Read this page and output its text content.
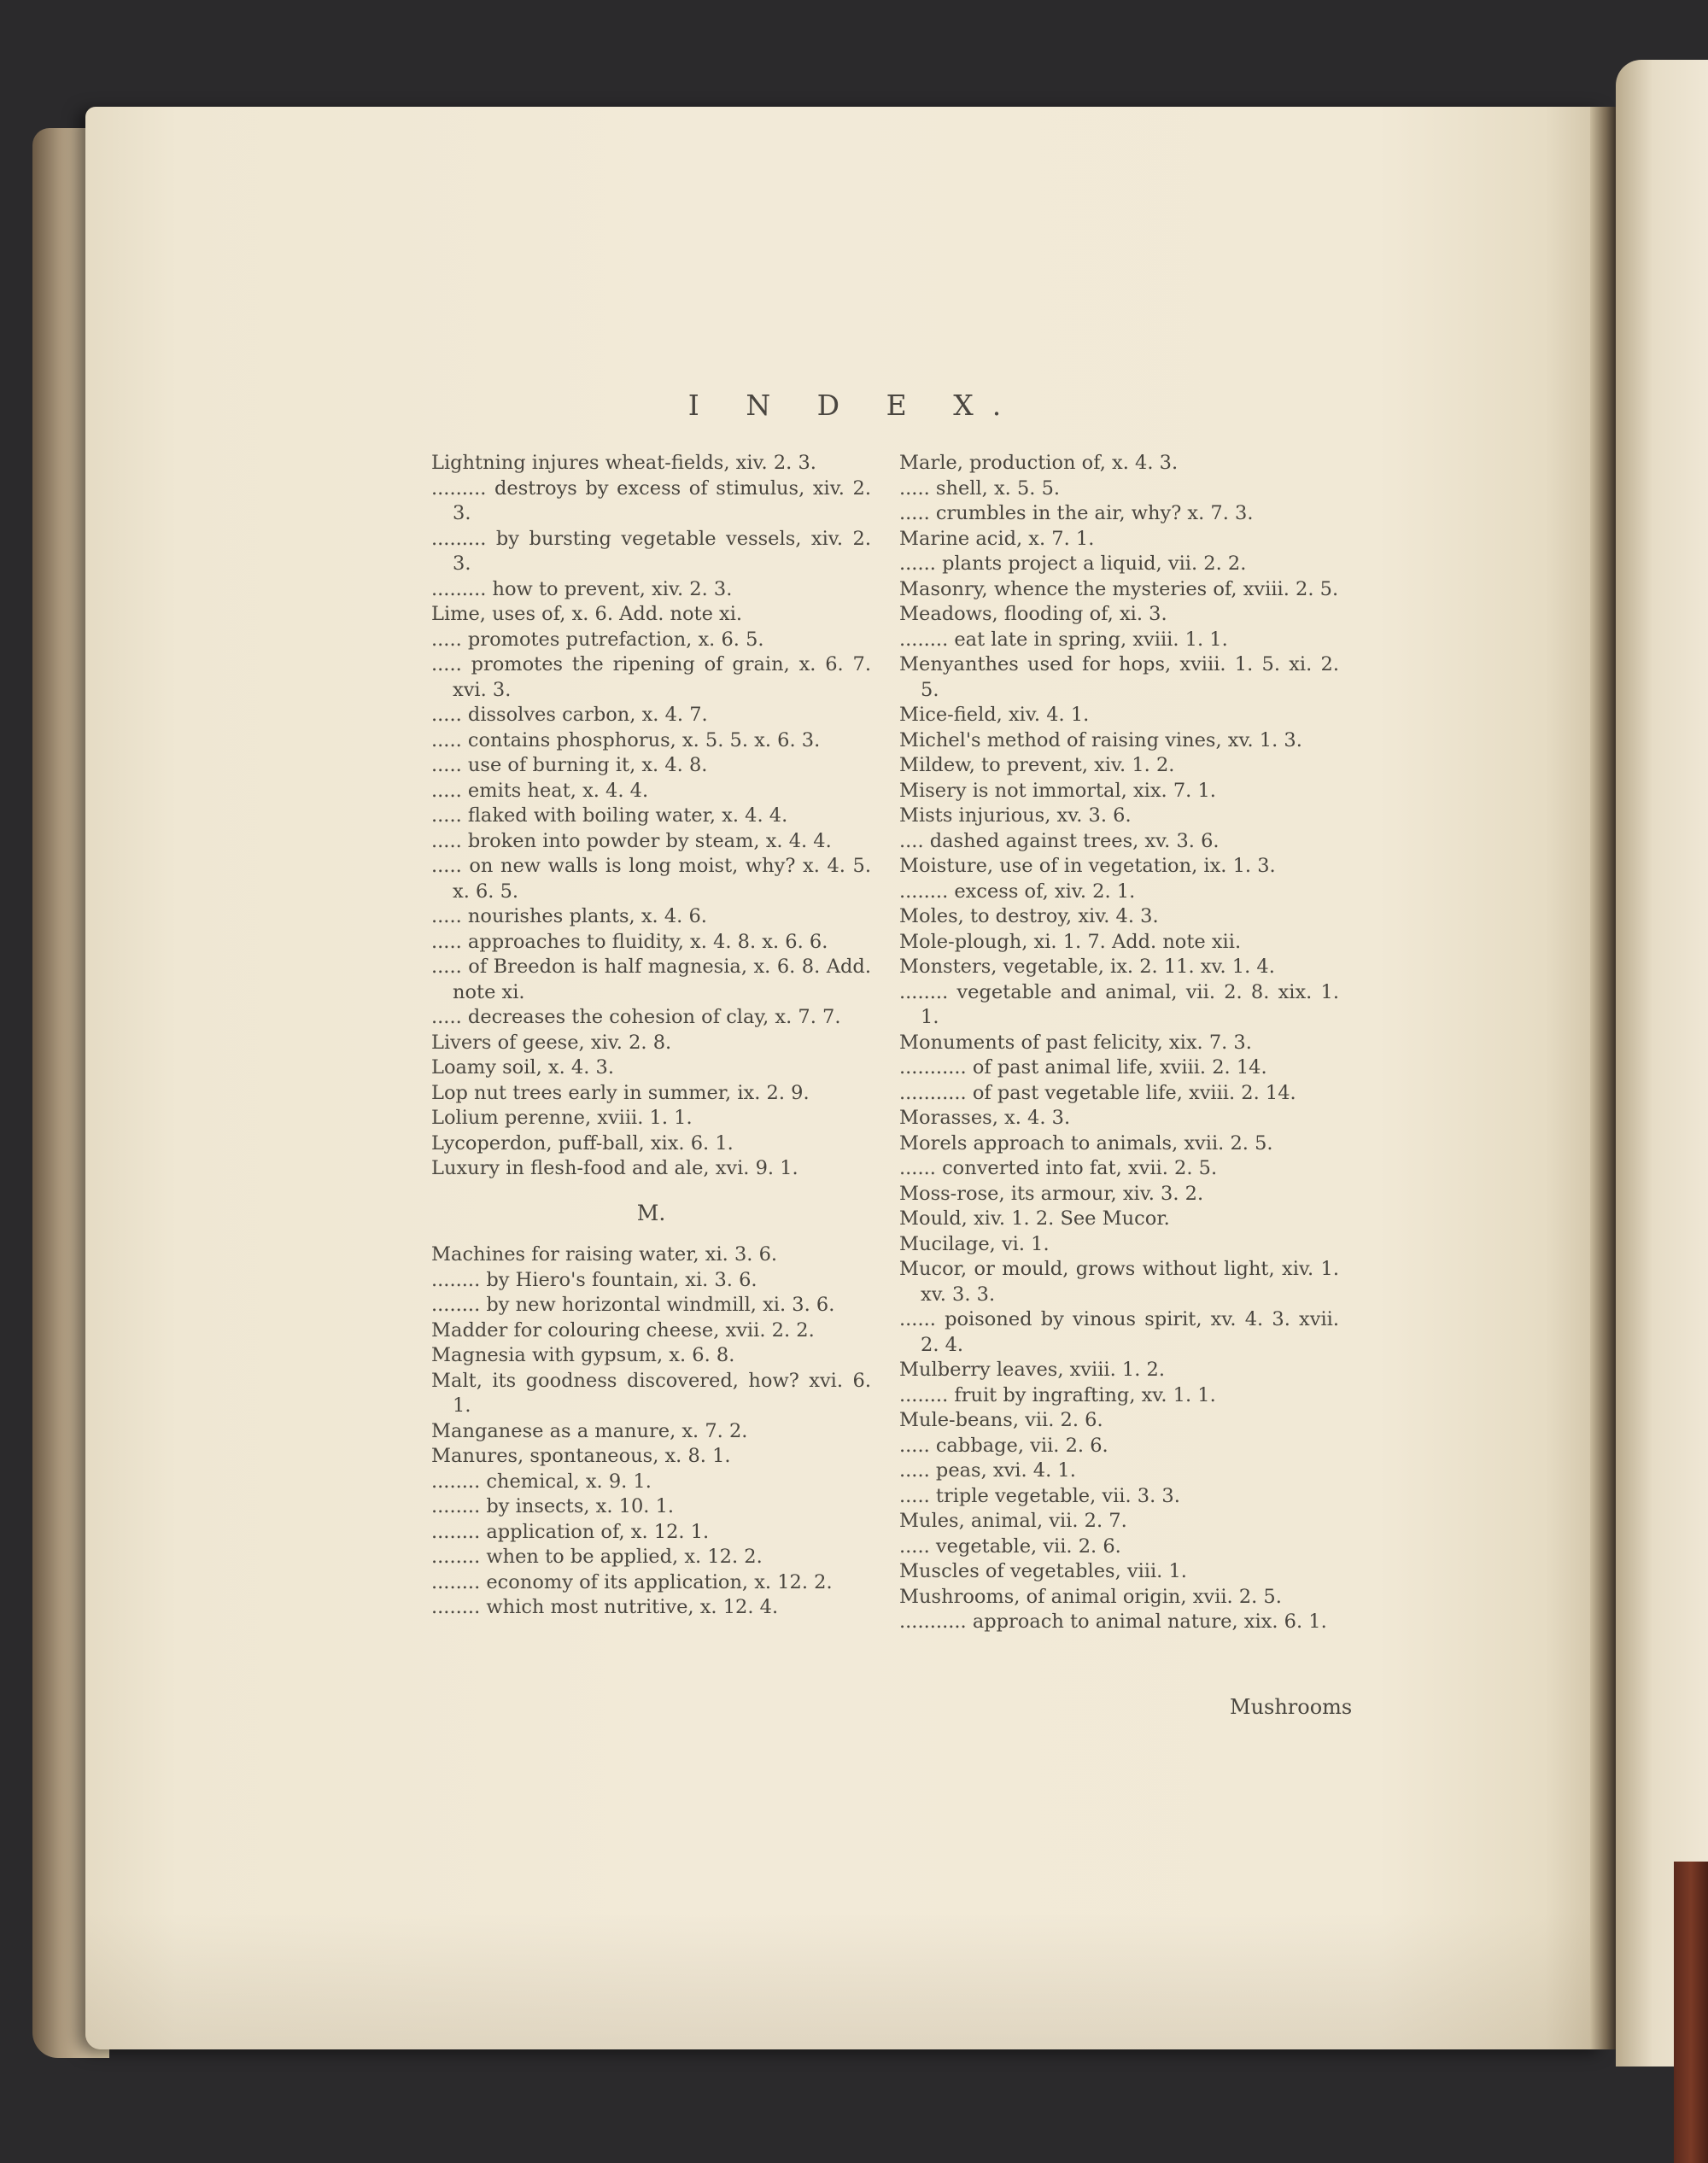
I N D E X.
Lightning injures wheat-fields, xiv. 2. 3.
......... destroys by excess of stimulus, xiv. 2. 3.
......... by bursting vegetable vessels, xiv. 2. 3.
......... how to prevent, xiv. 2. 3.
Lime, uses of, x. 6. Add. note xi.
..... promotes putrefaction, x. 6. 5.
..... promotes the ripening of grain, x. 6. 7. xvi. 3.
..... dissolves carbon, x. 4. 7.
..... contains phosphorus, x. 5. 5. x. 6. 3.
..... use of burning it, x. 4. 8.
..... emits heat, x. 4. 4.
..... flaked with boiling water, x. 4. 4.
..... broken into powder by steam, x. 4. 4.
..... on new walls is long moist, why? x. 4. 5. x. 6. 5.
..... nourishes plants, x. 4. 6.
..... approaches to fluidity, x. 4. 8. x. 6. 6.
..... of Breedon is half magnesia, x. 6. 8. Add. note xi.
..... decreases the cohesion of clay, x. 7. 7.
Livers of geese, xiv. 2. 8.
Loamy soil, x. 4. 3.
Lop nut trees early in summer, ix. 2. 9.
Lolium perenne, xviii. 1. 1.
Lycoperdon, puff-ball, xix. 6. 1.
Luxury in flesh-food and ale, xvi. 9. 1.
M.
Machines for raising water, xi. 3. 6.
........ by Hiero's fountain, xi. 3. 6.
........ by new horizontal windmill, xi. 3. 6.
Madder for colouring cheese, xvii. 2. 2.
Magnesia with gypsum, x. 6. 8.
Malt, its goodness discovered, how? xvi. 6. 1.
Manganese as a manure, x. 7. 2.
Manures, spontaneous, x. 8. 1.
........ chemical, x. 9. 1.
........ by insects, x. 10. 1.
........ application of, x. 12. 1.
........ when to be applied, x. 12. 2.
........ economy of its application, x. 12. 2.
........ which most nutritive, x. 12. 4.
Marle, production of, x. 4. 3.
..... shell, x. 5. 5.
..... crumbles in the air, why? x. 7. 3.
Marine acid, x. 7. 1.
...... plants project a liquid, vii. 2. 2.
Masonry, whence the mysteries of, xviii. 2. 5.
Meadows, flooding of, xi. 3.
........ eat late in spring, xviii. 1. 1.
Menyanthes used for hops, xviii. 1. 5. xi. 2. 5.
Mice-field, xiv. 4. 1.
Michel's method of raising vines, xv. 1. 3.
Mildew, to prevent, xiv. 1. 2.
Misery is not immortal, xix. 7. 1.
Mists injurious, xv. 3. 6.
.... dashed against trees, xv. 3. 6.
Moisture, use of in vegetation, ix. 1. 3.
........ excess of, xiv. 2. 1.
Moles, to destroy, xiv. 4. 3.
Mole-plough, xi. 1. 7. Add. note xii.
Monsters, vegetable, ix. 2. 11. xv. 1. 4.
........ vegetable and animal, vii. 2. 8. xix. 1. 1.
Monuments of past felicity, xix. 7. 3.
........... of past animal life, xviii. 2. 14.
........... of past vegetable life, xviii. 2. 14.
Morasses, x. 4. 3.
Morels approach to animals, xvii. 2. 5.
...... converted into fat, xvii. 2. 5.
Moss-rose, its armour, xiv. 3. 2.
Mould, xiv. 1. 2. See Mucor.
Mucilage, vi. 1.
Mucor, or mould, grows without light, xiv. 1. xv. 3. 3.
...... poisoned by vinous spirit, xv. 4. 3. xvii. 2. 4.
Mulberry leaves, xviii. 1. 2.
........ fruit by ingrafting, xv. 1. 1.
Mule-beans, vii. 2. 6.
..... cabbage, vii. 2. 6.
..... peas, xvi. 4. 1.
..... triple vegetable, vii. 3. 3.
Mules, animal, vii. 2. 7.
..... vegetable, vii. 2. 6.
Muscles of vegetables, viii. 1.
Mushrooms, of animal origin, xvii. 2. 5.
........... approach to animal nature, xix. 6. 1.
Mushrooms
